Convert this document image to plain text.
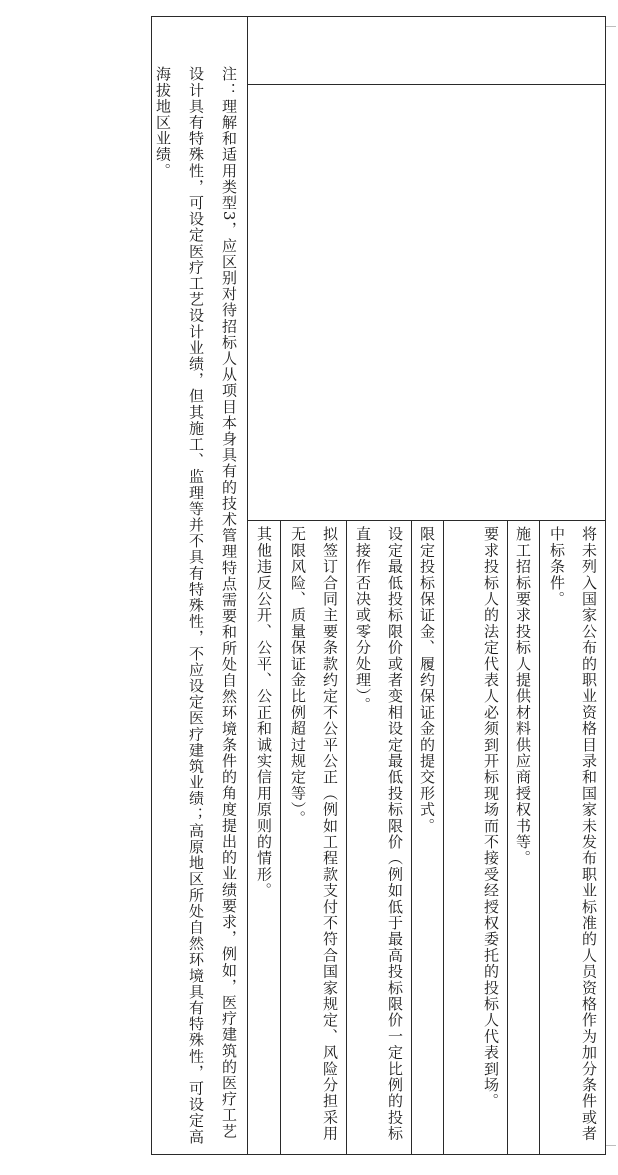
将未列入国家公布的职业资格目录和国家未发布职业标准的人员资格作为加分条件或者中标条件。
施工招标要求投标人提供材料供应商授权书等。
要求投标人的法定代表人必须到开标现场而不接受经授权委托的投标人代表到场。
限定投标保证金、履约保证金的提交形式。
设定最低投标限价或者变相设定最低投标限价（例如低于最高投标限价一定比例的投标直接作否决或零分处理）。
拟签订合同主要条款约定不公平公正（例如工程款支付不符合国家规定、风险分担采用无限风险、质量保证金比例超过规定等）。
其他违反公开、公平、公正和诚实信用原则的情形。
注：理解和适用类型3，应区别对待招标人从项目本身具有的技术管理特点需要和所处自然环境条件的角度提出的业绩要求，例如，医疗建筑的医疗工艺设计具有特殊性，可设定医疗工艺设计业绩，但其施工、监理等并不具有特殊性，不应设定医疗建筑业绩；高原地区所处自然环境具有特殊性，可设定高海拔地区业绩。
